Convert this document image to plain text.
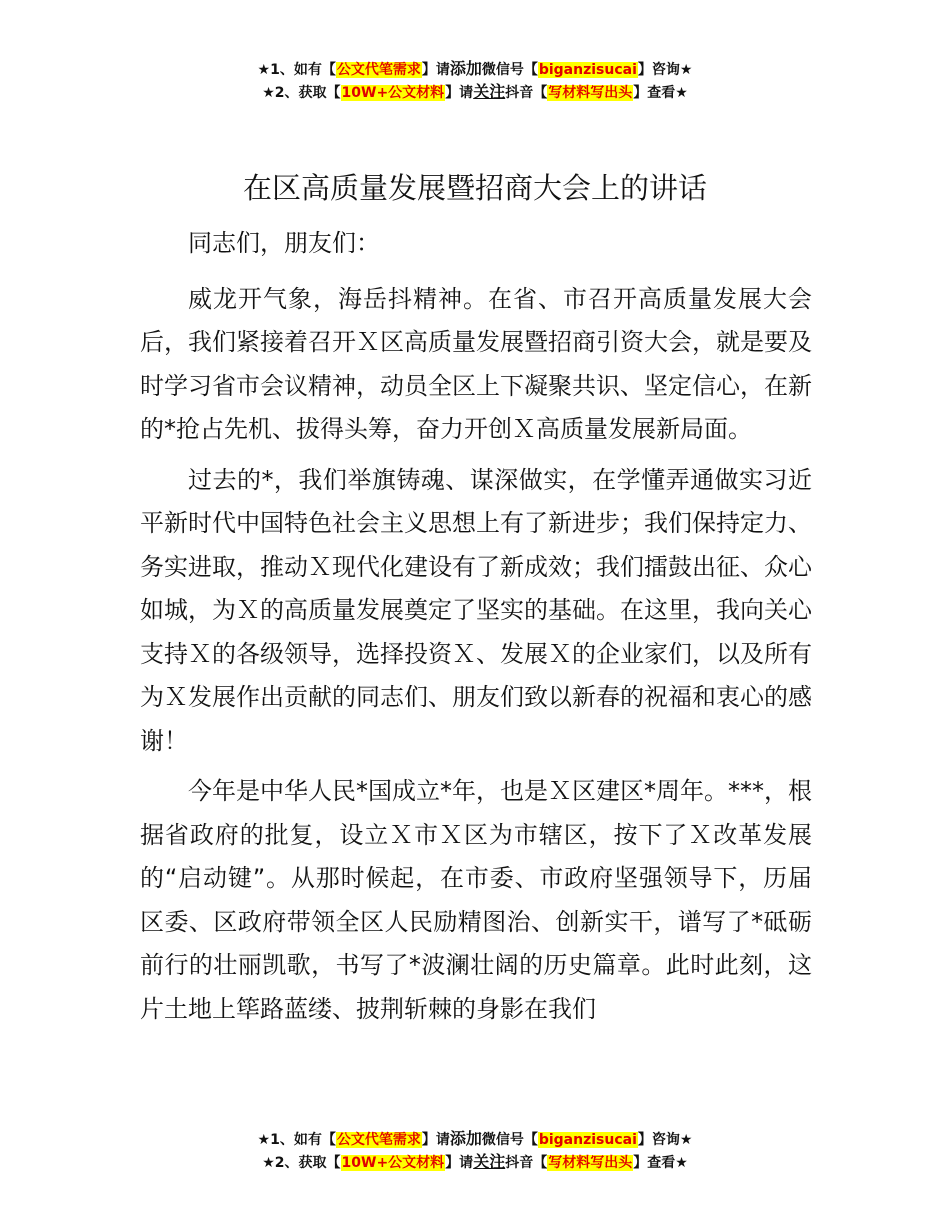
★1、如有【公文代笔需求】请添加微信号【biganzisucai】咨询★
★2、获取【10W+公文材料】请关注抖音【写材料写出头】查看★
在区高质量发展暨招商大会上的讲话

同志们，朋友们：

威龙开气象，海岳抖精神。在省、市召开高质量发展大会后，我们紧接着召开Ｘ区高质量发展暨招商引资大会，就是要及时学习省市会议精神，动员全区上下凝聚共识、坚定信心，在新的*抢占先机、拔得头筹，奋力开创Ｘ高质量发展新局面。

过去的*，我们举旗铸魂、谋深做实，在学懂弄通做实习近平新时代中国特色社会主义思想上有了新进步；我们保持定力、务实进取，推动Ｘ现代化建设有了新成效；我们擂鼓出征、众心如城，为Ｘ的高质量发展奠定了坚实的基础。在这里，我向关心支持Ｘ的各级领导，选择投资Ｘ、发展Ｘ的企业家们，以及所有为Ｘ发展作出贡献的同志们、朋友们致以新春的祝福和衷心的感谢！

今年是中华人民*国成立*年，也是Ｘ区建区*周年。***，根据省政府的批复，设立Ｘ市Ｘ区为市辖区，按下了Ｘ改革发展的“启动键”。从那时候起，在市委、市政府坚强领导下，历届区委、区政府带领全区人民励精图治、创新实干，谱写了*砥砺前行的壮丽凯歌，书写了*波澜壮阔的历史篇章。此时此刻，这片土地上筚路蓝缕、披荆斩棘的身影在我们

★1、如有【公文代笔需求】请添加微信号【biganzisucai】咨询★
★2、获取【10W+公文材料】请关注抖音【写材料写出头】查看★
